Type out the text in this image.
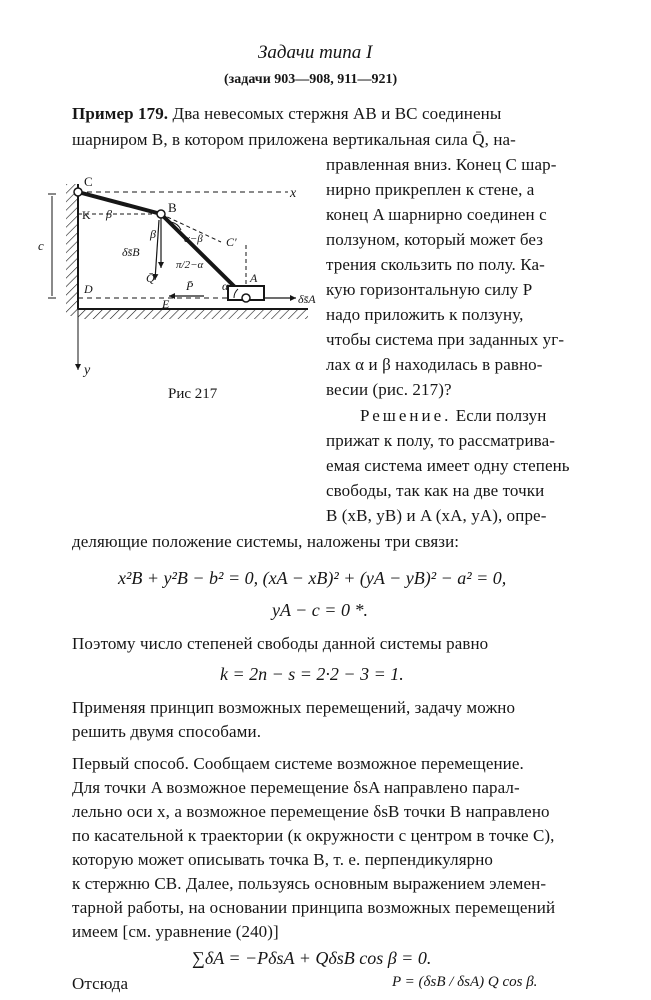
Задачи типа I
(задачи 903—908, 911—921)
Пример 179. Два невесомых стержня AB и BC соединены
шарниром B, в котором приложена вертикальная сила Q̄, на-
правленная вниз. Конец C шар-
нирно прикреплен к стене, а
конец A шарнирно соединен с
ползуном, который может без
трения скользить по полу. Ка-
кую горизонтальную силу P
надо приложить к ползуну,
чтобы система при заданных уг-
лах α и β находилась в равно-
весии (рис. 217)?
Решение. Если ползун
прижат к полу, то рассматрива-
емая система имеет одну степень
свободы, так как на две точки
B (xB, yB) и A (xA, yA), опре-
деляющие положение системы, наложены три связи:
x²B + y²B − b² = 0, (xA − xB)² + (yA − yB)² − a² = 0,
yA − c = 0 *.
Поэтому число степеней свободы данной системы равно
k = 2n − s = 2·2 − 3 = 1.
Применяя принцип возможных перемещений, задачу можно
решить двумя способами.
Первый способ. Сообщаем системе возможное перемещение.
Для точки A возможное перемещение δsA направлено парал-
лельно оси x, а возможное перемещение δsB точки B направлено
по касательной к траектории (к окружности с центром в точке C),
которую может описывать точка B, т. е. перпендикулярно
к стержню CB. Далее, пользуясь основным выражением элемен-
тарной работы, на основании принципа возможных перемещений
имеем [см. уравнение (240)]
∑δA = −PδsA + QδsB cos β = 0.
Отсюда	P = (δsB / δsA) Q cos β.
C
x
K β	B
c
β
δs̄B
π/2−α
α−β C′
Q̄	A
P̄ α
D
E	δs̄A
y
Рис 217
